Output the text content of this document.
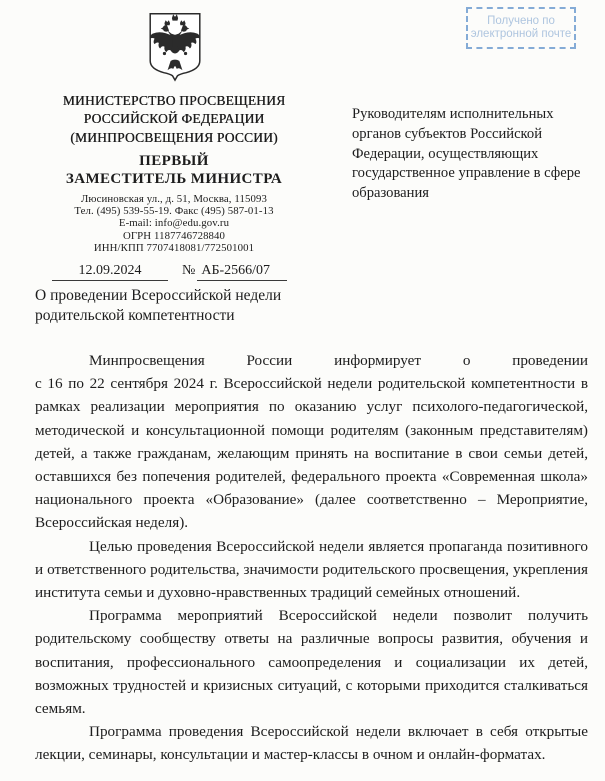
Получено по
электронной почте
МИНИСТЕРСТВО ПРОСВЕЩЕНИЯ
РОССИЙСКОЙ ФЕДЕРАЦИИ
(МИНПРОСВЕЩЕНИЯ РОССИИ)
ПЕРВЫЙ
ЗАМЕСТИТЕЛЬ МИНИСТРА
Люсиновская ул., д. 51, Москва, 115093
Тел. (495) 539-55-19. Факс (495) 587-01-13
E-mail: info@edu.gov.ru
ОГРН 1187746728840
ИНН/КПП 7707418081/772501001
12.09.2024	№ АБ-2566/07
О проведении Всероссийской недели родительской компетентности
Руководителям исполнительных органов субъектов Российской Федерации, осуществляющих государственное управление в сфере образования

Минпросвещения России информирует о проведении
с 16 по 22 сентября 2024 г. Всероссийской недели родительской компетентности в рамках реализации мероприятия по оказанию услуг психолого-педагогической, методической и консультационной помощи родителям (законным представителям) детей, а также гражданам, желающим принять на воспитание в свои семьи детей, оставшихся без попечения родителей, федерального проекта «Современная школа» национального проекта «Образование» (далее соответственно – Мероприятие, Всероссийская неделя).

Целью проведения Всероссийской недели является пропаганда позитивного и ответственного родительства, значимости родительского просвещения, укрепления института семьи и духовно-нравственных традиций семейных отношений.

Программа мероприятий Всероссийской недели позволит получить родительскому сообществу ответы на различные вопросы развития, обучения и воспитания, профессионального самоопределения и социализации их детей, возможных трудностей и кризисных ситуаций, с которыми приходится сталкиваться семьям.

Программа проведения Всероссийской недели включает в себя открытые лекции, семинары, консультации и мастер-классы в очном и онлайн-форматах.
